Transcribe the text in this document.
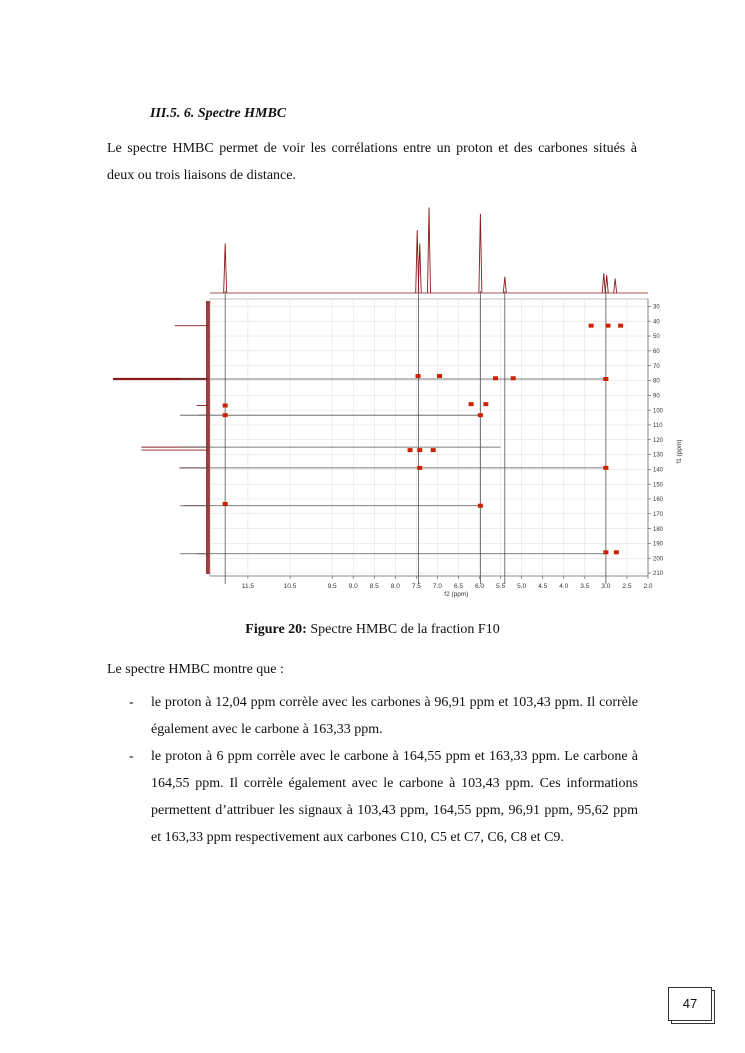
III.5. 6. Spectre HMBC
Le spectre HMBC permet de voir les corrélations entre un proton et des carbones situés à deux ou trois liaisons de distance.
11.5	10.5	9.5 9.0 8.5 8.0 7.5 7.0 6.5 6.0 5.5 5.0 4.5 4.0 3.5 3.0 2.5 2.0
30
40
50
60
70
80
90
100
110
120
130
140
150
160
170
180
190
200
210
f2 (ppm)
f1 (ppm)
Figure 20: Spectre HMBC de la fraction F10
Le spectre HMBC montre que :
- le proton à 12,04 ppm corrèle avec les carbones à 96,91 ppm et 103,43 ppm. Il corrèle également avec le carbone à 163,33 ppm.
- le proton à 6 ppm corrèle avec le carbone à 164,55 ppm et 163,33 ppm. Le carbone à 164,55 ppm. Il corrèle également avec le carbone à 103,43 ppm. Ces informations permettent d’attribuer les signaux à 103,43 ppm, 164,55 ppm, 96,91 ppm, 95,62 ppm et 163,33 ppm respectivement aux carbones C10, C5 et C7, C6, C8 et C9.
47
